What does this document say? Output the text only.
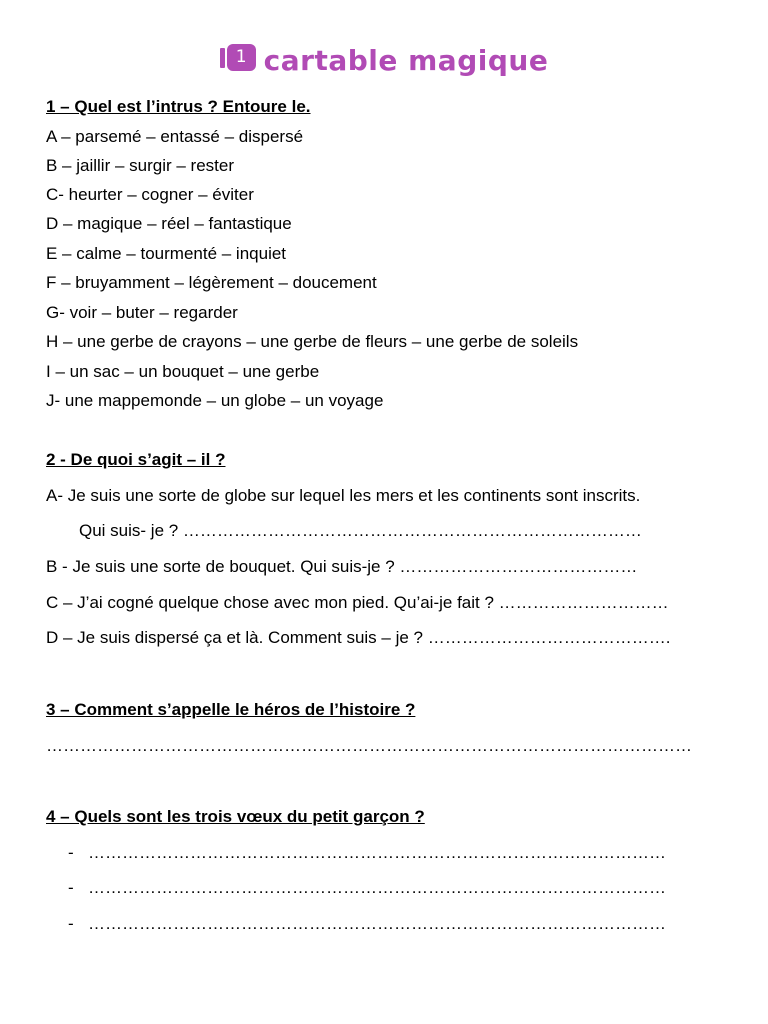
1 cartable magique
1 – Quel est l’intrus ? Entoure le.
A – parsemé – entassé – dispersé
B – jaillir – surgir – rester
C- heurter – cogner – éviter
D – magique – réel – fantastique
E – calme – tourmenté – inquiet
F – bruyamment – légèrement – doucement
G- voir – buter – regarder
H – une gerbe de crayons – une gerbe de fleurs – une gerbe de soleils
I – un sac – un bouquet – une gerbe
J- une mappemonde – un globe – un voyage
2 - De quoi s’agit – il ?
A- Je suis une sorte de globe sur lequel les mers et les continents sont inscrits.
Qui suis- je ? ………………………………………………………………………
B - Je suis une sorte de bouquet. Qui suis-je ? ……………………………………
C – J’ai cogné quelque chose avec mon pied. Qu’ai-je fait ? …………………………
D – Je suis dispersé ça et là. Comment suis – je ? …………………………………….
3 – Comment s’appelle le héros de l’histoire ?
……………………………………………………………………………………………………
4 – Quels sont les trois vœux du petit garçon ?
- …………………………………………………………………………………………
- …………………………………………………………………………………………
- …………………………………………………………………………………………
